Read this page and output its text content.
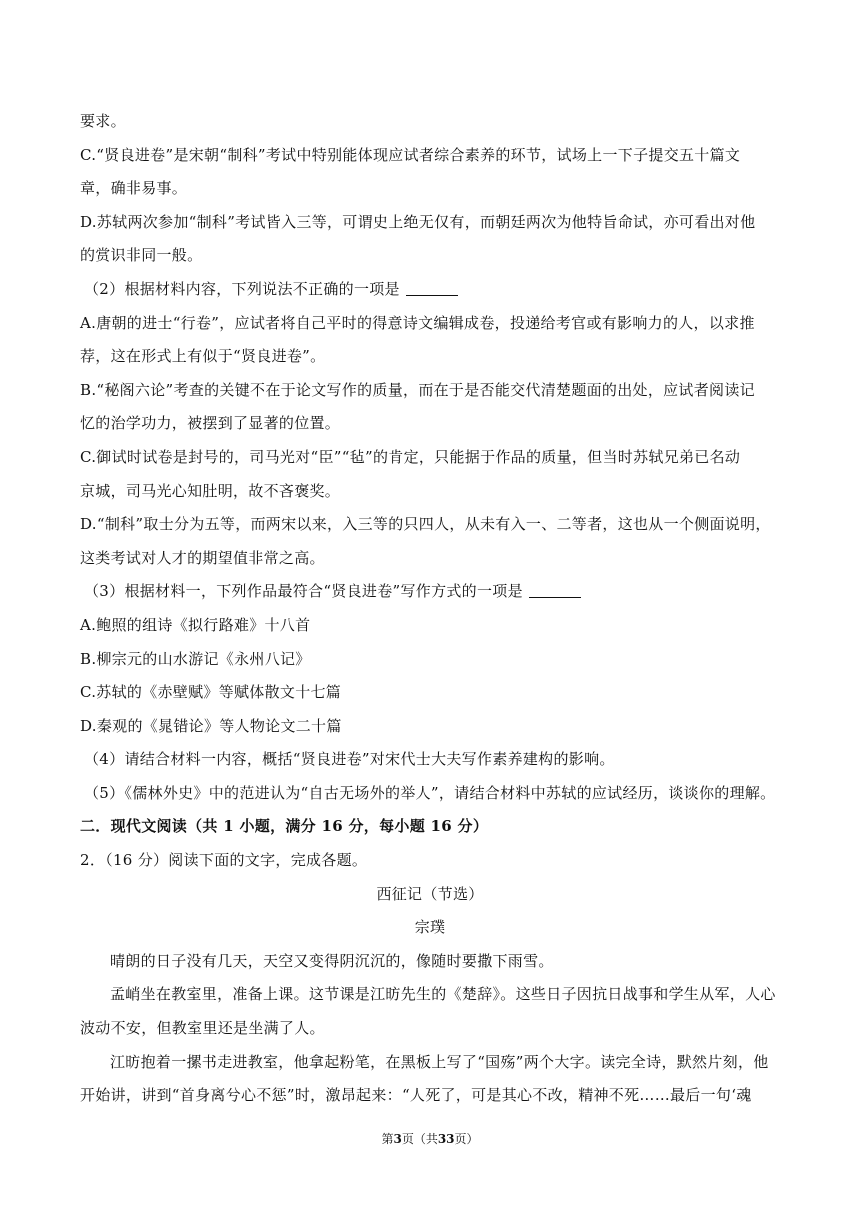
要求。

C.“贤良进卷”是宋朝“制科”考试中特别能体现应试者综合素养的环节，试场上一下子提交五十篇文

章，确非易事。

D.苏轼两次参加“制科”考试皆入三等，可谓史上绝无仅有，而朝廷两次为他特旨命试，亦可看出对他

的赏识非同一般。

（2）根据材料内容，下列说法不正确的一项是

A.唐朝的进士“行卷”，应试者将自己平时的得意诗文编辑成卷，投递给考官或有影响力的人，以求推

荐，这在形式上有似于“贤良进卷”。

B.“秘阁六论”考查的关键不在于论文写作的质量，而在于是否能交代清楚题面的出处，应试者阅读记

忆的治学功力，被摆到了显著的位置。

C.御试时试卷是封号的，司马光对“臣”“毡”的肯定，只能据于作品的质量，但当时苏轼兄弟已名动

京城，司马光心知肚明，故不吝褒奖。

D.“制科”取士分为五等，而两宋以来，入三等的只四人，从未有入一、二等者，这也从一个侧面说明，

这类考试对人才的期望值非常之高。

（3）根据材料一，下列作品最符合“贤良进卷”写作方式的一项是

A.鲍照的组诗《拟行路难》十八首

B.柳宗元的山水游记《永州八记》

C.苏轼的《赤壁赋》等赋体散文十七篇

D.秦观的《晁错论》等人物论文二十篇

（4）请结合材料一内容，概括“贤良进卷”对宋代士大夫写作素养建构的影响。

（5）《儒林外史》中的范进认为“自古无场外的举人”，请结合材料中苏轼的应试经历，谈谈你的理解。

二．现代文阅读（共 1 小题，满分 16 分，每小题 16 分）

2．（16 分）阅读下面的文字，完成各题。

西征记（节选）

宗璞

晴朗的日子没有几天，天空又变得阴沉沉的，像随时要撒下雨雪。

孟峭坐在教室里，准备上课。这节课是江昉先生的《楚辞》。这些日子因抗日战事和学生从军，人心波动不安，但教室里还是坐满了人。

江昉抱着一摞书走进教室，他拿起粉笔，在黑板上写了“国殇”两个大字。读完全诗，默然片刻，他开始讲，讲到“首身离兮心不惩”时，激昂起来：“人死了，可是其心不改，精神不死……最后一句‘魂

第3页（共33页）
